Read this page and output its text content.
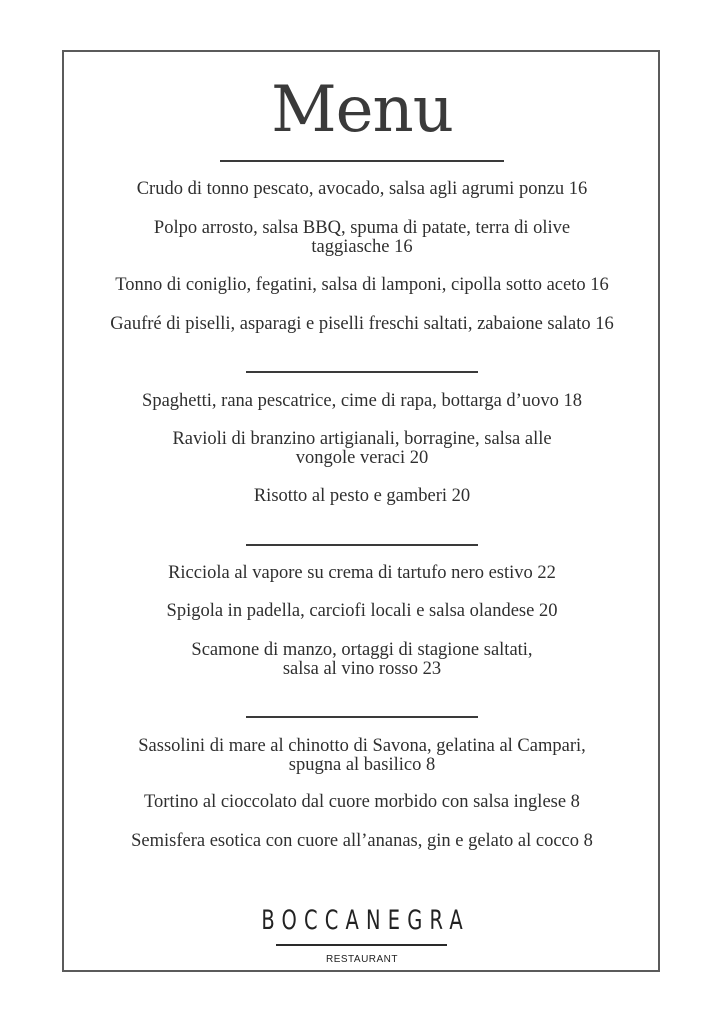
Menu
Crudo di tonno pescato, avocado, salsa agli agrumi ponzu 16
Polpo arrosto, salsa BBQ, spuma di patate, terra di olive
taggiasche 16
Tonno di coniglio, fegatini, salsa di lamponi, cipolla sotto aceto 16
Gaufré di piselli, asparagi e piselli freschi saltati, zabaione salato 16
Spaghetti, rana pescatrice, cime di rapa, bottarga d’uovo 18
Ravioli di branzino artigianali, borragine, salsa alle
vongole veraci 20
Risotto al pesto e gamberi 20
Ricciola al vapore su crema di tartufo nero estivo 22
Spigola in padella, carciofi locali e salsa olandese 20
Scamone di manzo, ortaggi di stagione saltati,
salsa al vino rosso 23
Sassolini di mare al chinotto di Savona, gelatina al Campari,
spugna al basilico 8
Tortino al cioccolato dal cuore morbido con salsa inglese 8
Semisfera esotica con cuore all’ananas, gin e gelato al cocco 8
BOCCANEGRA
RESTAURANT
